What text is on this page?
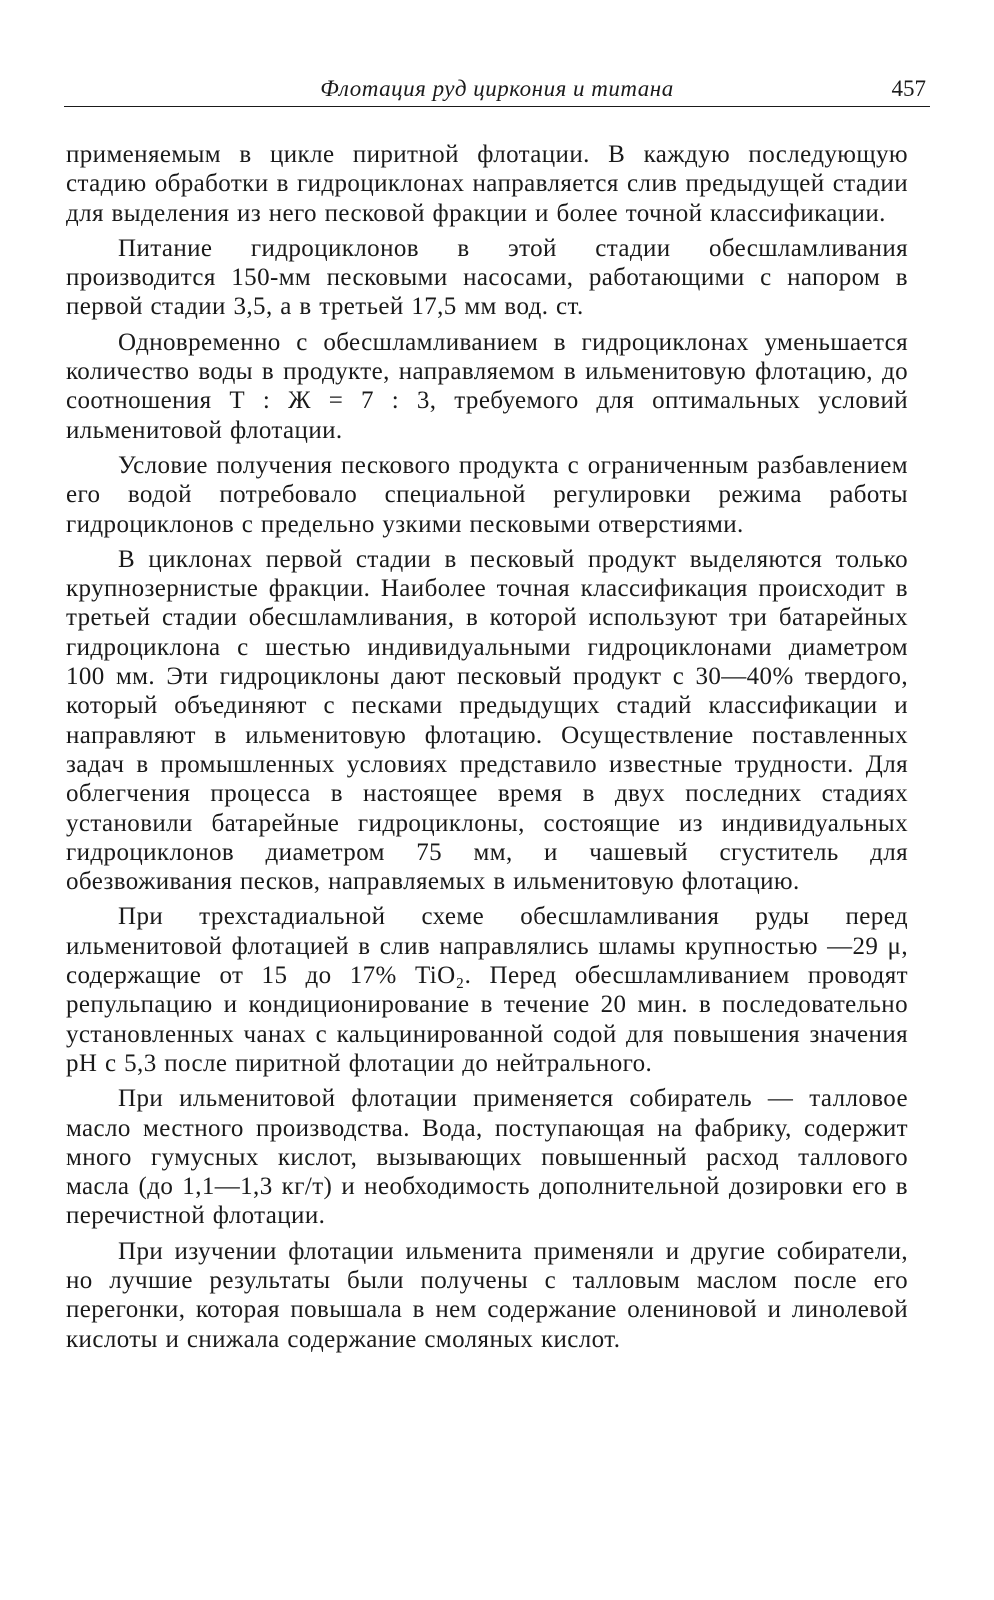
Флотация руд циркония и титана	457

применяемым в цикле пиритной флотации. В каждую последующую стадию обработки в гидроциклонах направляется слив предыдущей стадии для выделения из него песковой фракции и более точной классификации.

Питание гидроциклонов в этой стадии обесшламливания производится 150-мм песковыми насосами, работающими с напором в первой стадии 3,5, а в третьей 17,5 мм вод. ст.

Одновременно с обесшламливанием в гидроциклонах уменьшается количество воды в продукте, направляемом в ильменитовую флотацию, до соотношения Т : Ж = 7 : 3, требуемого для оптимальных условий ильменитовой флотации.

Условие получения пескового продукта с ограниченным разбавлением его водой потребовало специальной регулировки режима работы гидроциклонов с предельно узкими песковыми отверстиями.

В циклонах первой стадии в песковый продукт выделяются только крупнозернистые фракции. Наиболее точная классификация происходит в третьей стадии обесшламливания, в которой используют три батарейных гидроциклона с шестью индивидуальными гидроциклонами диаметром 100 мм. Эти гидроциклоны дают песковый продукт с 30—40% твердого, который объединяют с песками предыдущих стадий классификации и направляют в ильменитовую флотацию. Осуществление поставленных задач в промышленных условиях представило известные трудности. Для облегчения процесса в настоящее время в двух последних стадиях установили батарейные гидроциклоны, состоящие из индивидуальных гидроциклонов диаметром 75 мм, и чашевый сгуститель для обезвоживания песков, направляемых в ильменитовую флотацию.

При трехстадиальной схеме обесшламливания руды перед ильменитовой флотацией в слив направлялись шламы крупностью —29 μ, содержащие от 15 до 17% TiO₂. Перед обесшламливанием проводят репульпацию и кондиционирование в течение 20 мин. в последовательно установленных чанах с кальцинированной содой для повышения значения pH с 5,3 после пиритной флотации до нейтрального.

При ильменитовой флотации применяется собиратель — талловое масло местного производства. Вода, поступающая на фабрику, содержит много гумусных кислот, вызывающих повышенный расход таллового масла (до 1,1—1,3 кг/т) и необходимость дополнительной дозировки его в перечистной флотации.

При изучении флотации ильменита применяли и другие собиратели, но лучшие результаты были получены с талловым маслом после его перегонки, которая повышала в нем содержание олениновой и линолевой кислоты и снижала содержание смоляных кислот.
